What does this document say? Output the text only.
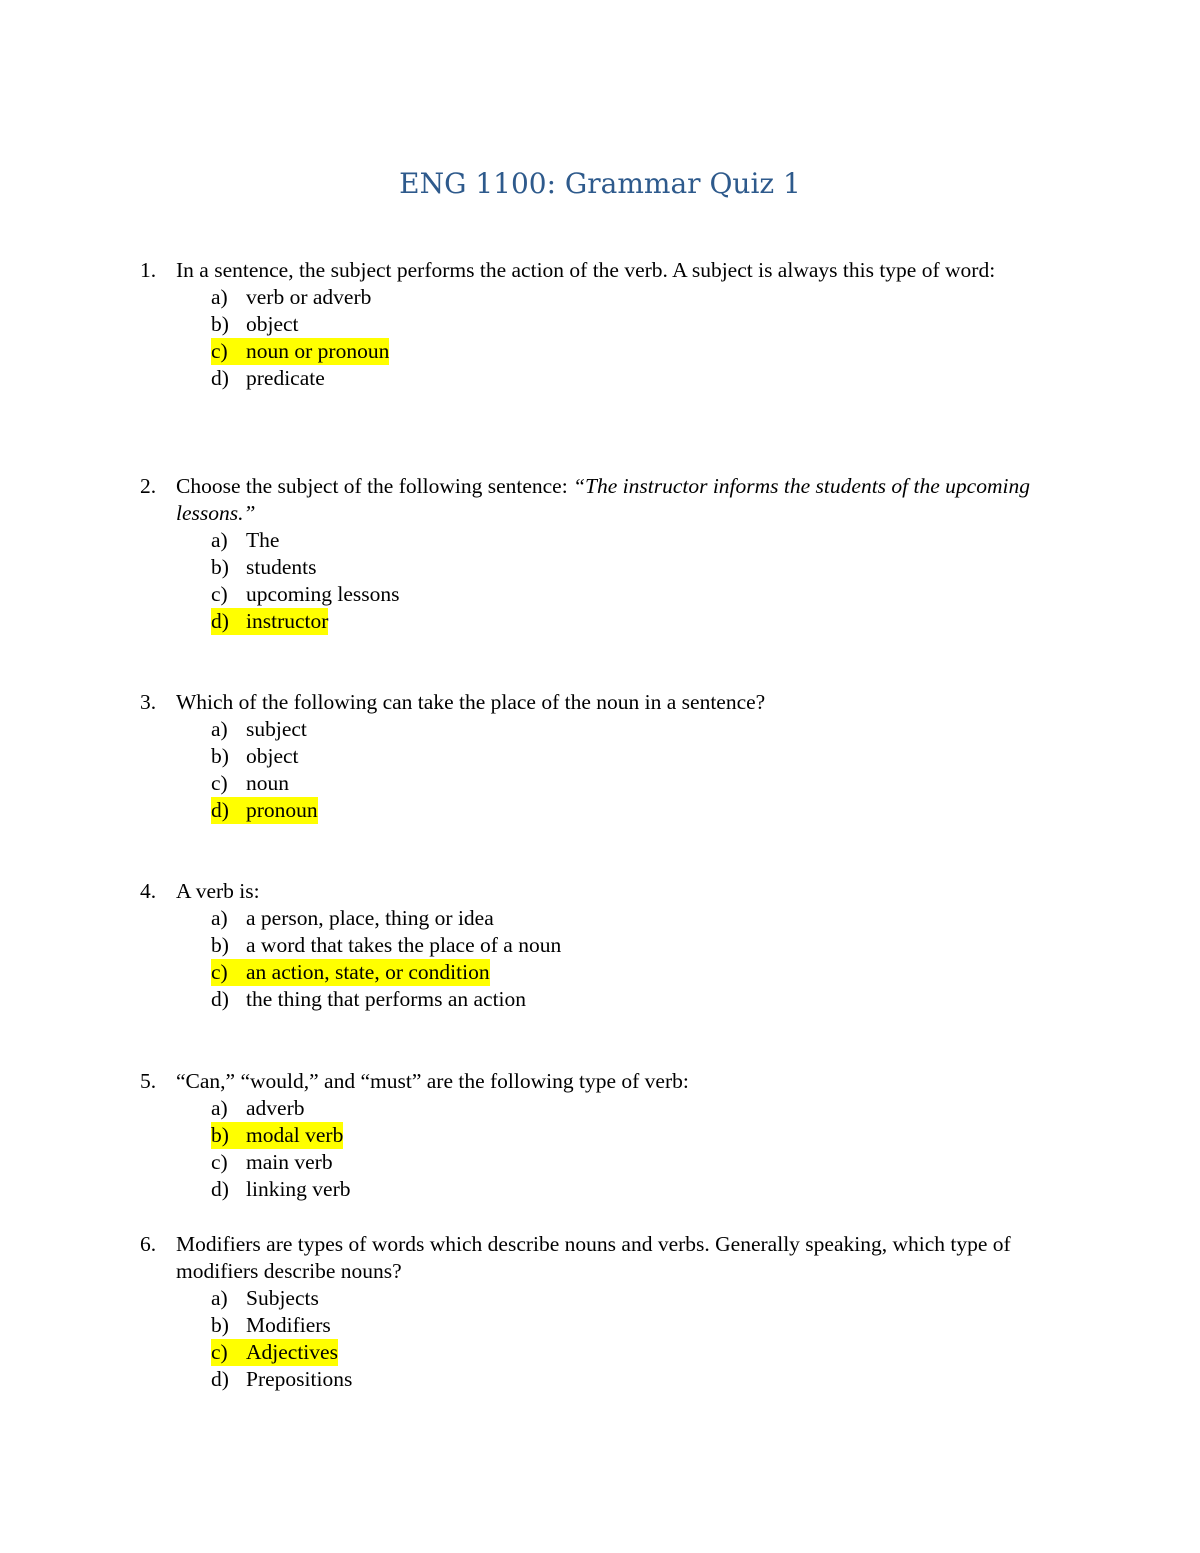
ENG 1100: Grammar Quiz 1
1. In a sentence, the subject performs the action of the verb. A subject is always this type of word:
a) verb or adverb
b) object
c) noun or pronoun
d) predicate
2. Choose the subject of the following sentence: “The instructor informs the students of the upcoming lessons.”
a) The
b) students
c) upcoming lessons
d) instructor
3. Which of the following can take the place of the noun in a sentence?
a) subject
b) object
c) noun
d) pronoun
4. A verb is:
a) a person, place, thing or idea
b) a word that takes the place of a noun
c) an action, state, or condition
d) the thing that performs an action
5. “Can,” “would,” and “must” are the following type of verb:
a) adverb
b) modal verb
c) main verb
d) linking verb
6. Modifiers are types of words which describe nouns and verbs. Generally speaking, which type of modifiers describe nouns?
a) Subjects
b) Modifiers
c) Adjectives
d) Prepositions
